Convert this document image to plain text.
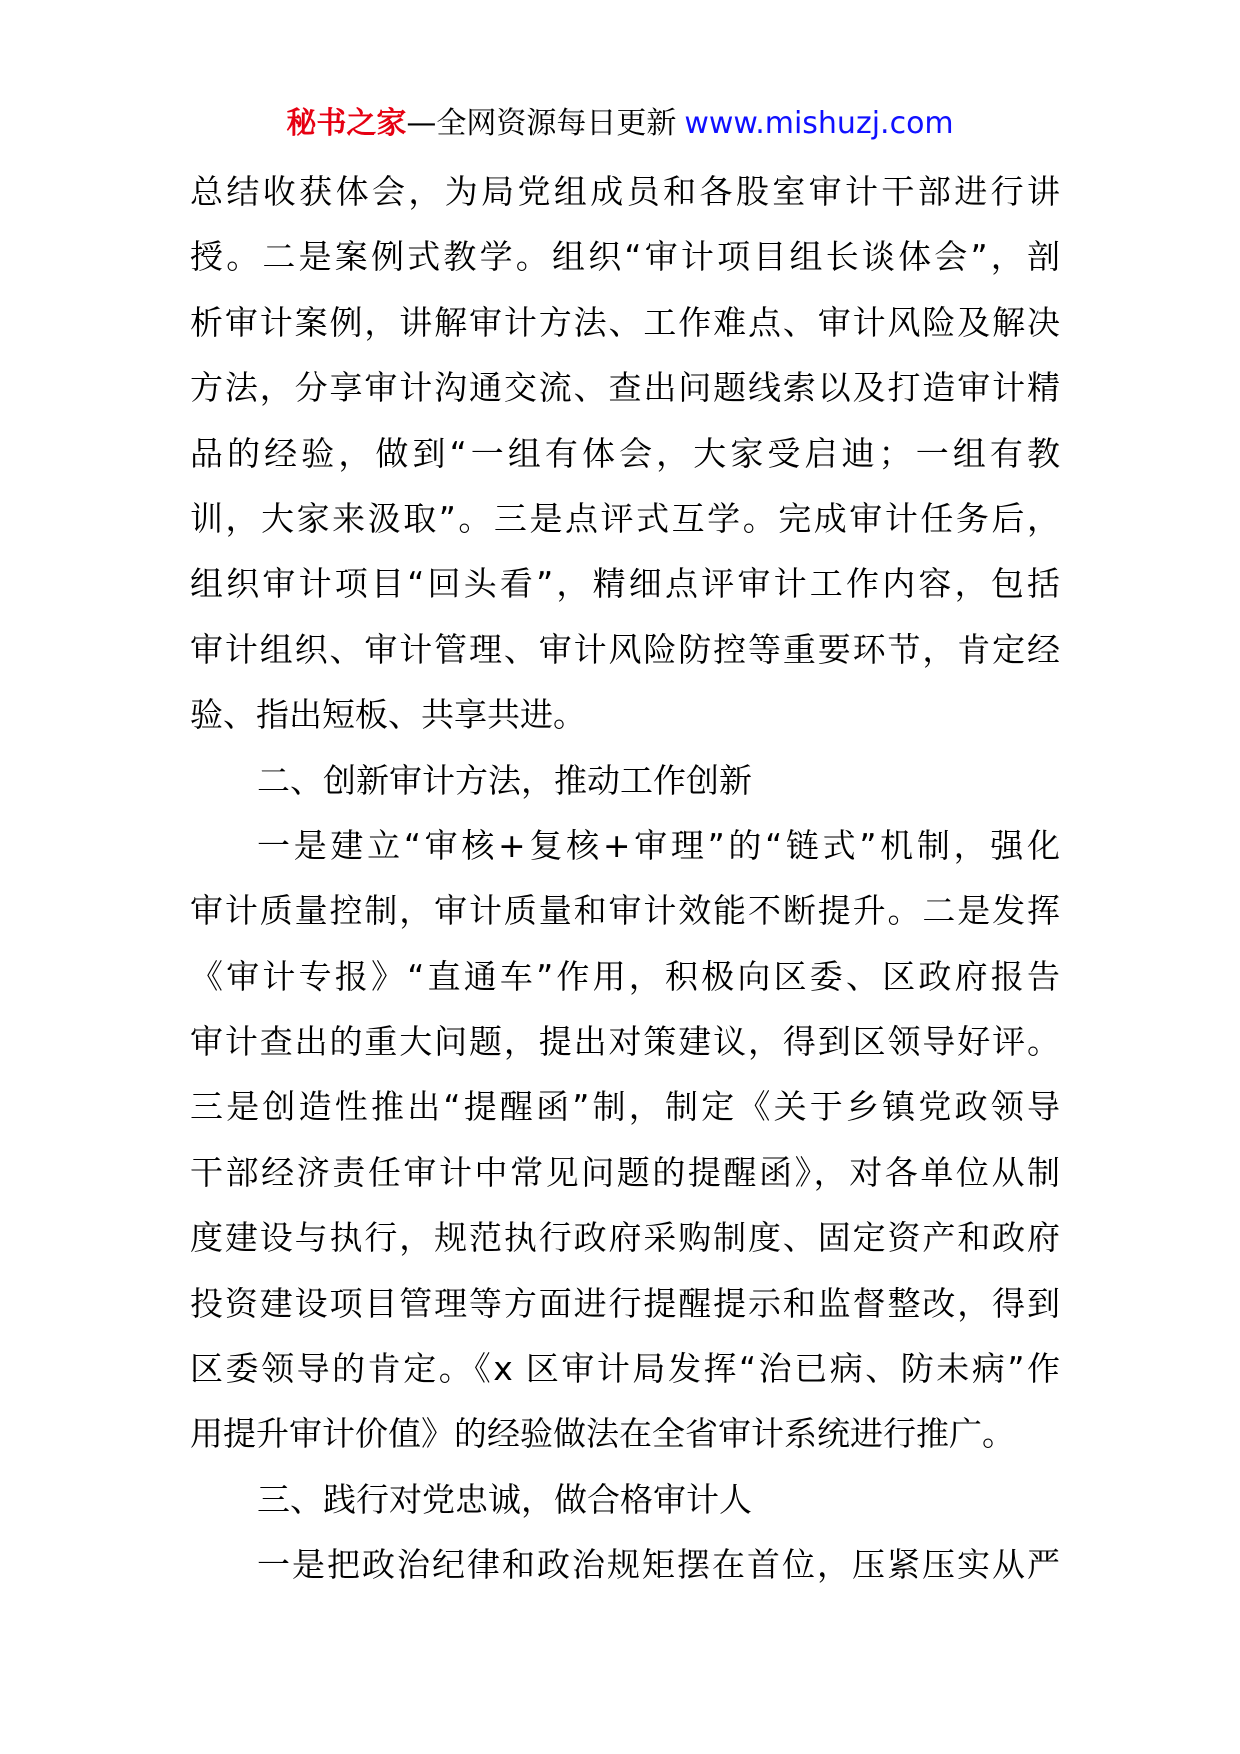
秘书之家—全网资源每日更新 www.mishuzj.com
总结收获体会，为局党组成员和各股室审计干部进行讲
授。二是案例式教学。组织“审计项目组长谈体会”，剖
析审计案例，讲解审计方法、工作难点、审计风险及解决
方法，分享审计沟通交流、查出问题线索以及打造审计精
品的经验，做到“一组有体会，大家受启迪；一组有教
训，大家来汲取”。三是点评式互学。完成审计任务后，
组织审计项目“回头看”，精细点评审计工作内容，包括
审计组织、审计管理、审计风险防控等重要环节，肯定经
验、指出短板、共享共进。
二、创新审计方法，推动工作创新
一是建立“审核+复核+审理”的“链式”机制，强化
审计质量控制，审计质量和审计效能不断提升。二是发挥
《审计专报》“直通车”作用，积极向区委、区政府报告
审计查出的重大问题，提出对策建议，得到区领导好评。
三是创造性推出“提醒函”制，制定《关于乡镇党政领导
干部经济责任审计中常见问题的提醒函》，对各单位从制
度建设与执行，规范执行政府采购制度、固定资产和政府
投资建设项目管理等方面进行提醒提示和监督整改，得到
区委领导的肯定。《x 区审计局发挥“治已病、防未病”作
用提升审计价值》的经验做法在全省审计系统进行推广。
三、践行对党忠诚，做合格审计人
一是把政治纪律和政治规矩摆在首位，压紧压实从严
